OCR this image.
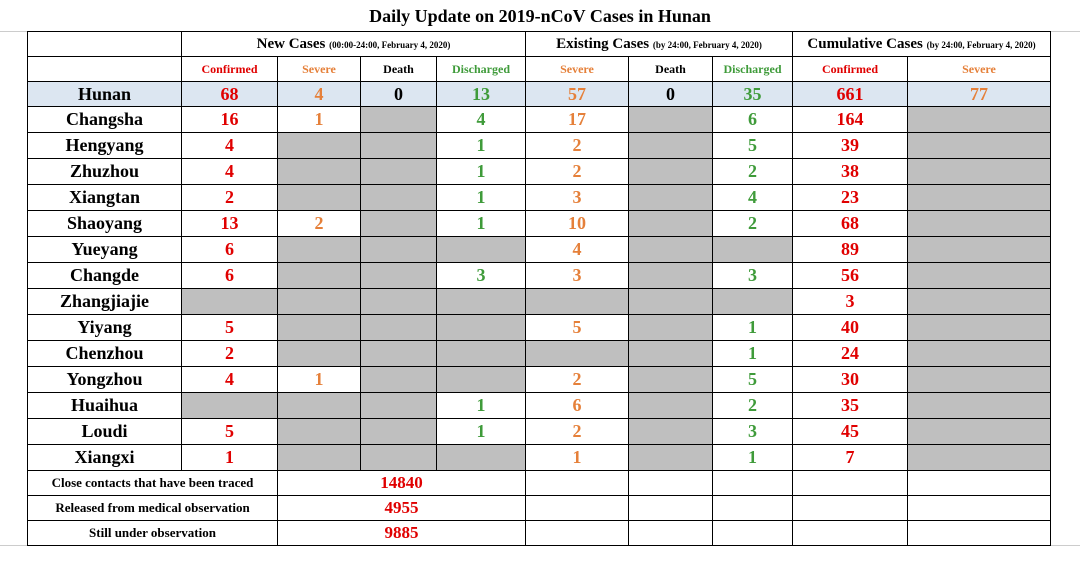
Daily Update on 2019-nCoV Cases in Hunan
	New Cases (00:00-24:00, February 4, 2020)				Existing Cases (by 24:00, February 4, 2020)			Cumulative Cases (by 24:00, February 4, 2020)	
	Confirmed	Severe	Death	Discharged	Severe	Death	Discharged	Confirmed	Severe
Hunan	68	4	0	13	57	0	35	661	77
Changsha	16	1		4	17		6	164	
Hengyang	4			1	2		5	39	
Zhuzhou	4			1	2		2	38	
Xiangtan	2			1	3		4	23	
Shaoyang	13	2		1	10		2	68	
Yueyang	6				4			89	
Changde	6			3	3		3	56	
Zhangjiajie								3	
Yiyang	5				5		1	40	
Chenzhou	2						1	24	
Yongzhou	4	1			2		5	30	
Huaihua				1	6		2	35	
Loudi	5			1	2		3	45	
Xiangxi	1				1		1	7	
Close contacts that have been traced		14840							
Released from medical observation		4955							
Still under observation		9885							
